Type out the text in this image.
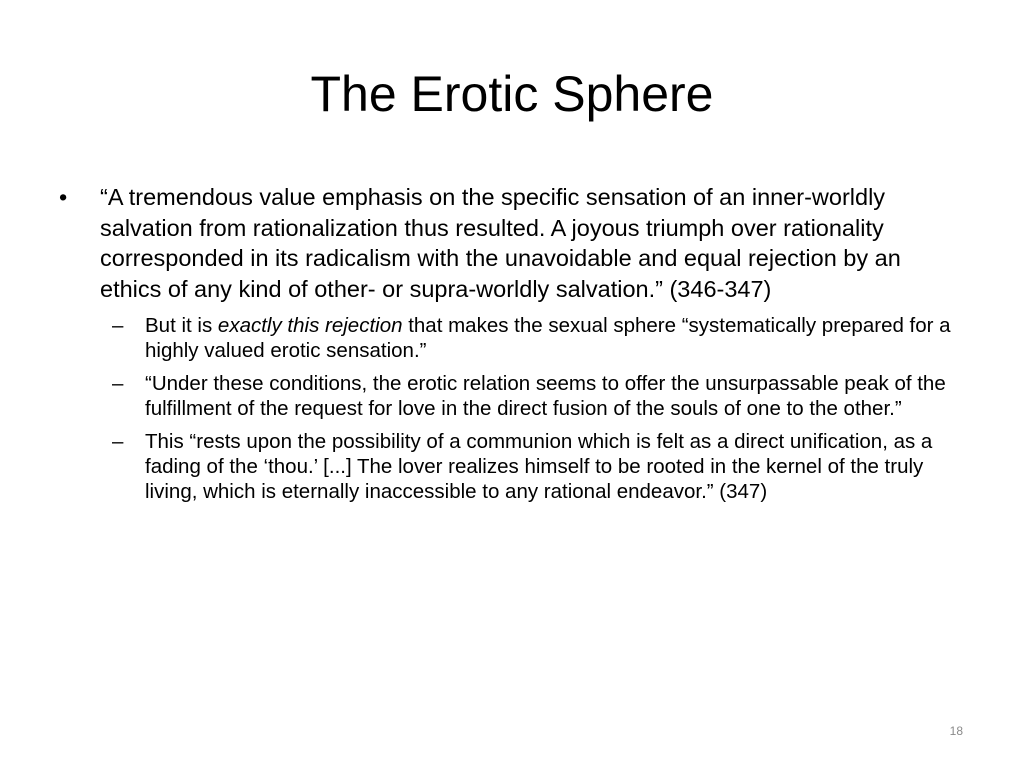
The Erotic Sphere
• “A tremendous value emphasis on the specific sensation of an inner-worldly salvation from rationalization thus resulted. A joyous triumph over rationality corresponded in its radicalism with the unavoidable and equal rejection by an ethics of any kind of other- or supra-worldly salvation.” (346-347)
– But it is exactly this rejection that makes the sexual sphere “systematically prepared for a highly valued erotic sensation.”
– “Under these conditions, the erotic relation seems to offer the unsurpassable peak of the fulfillment of the request for love in the direct fusion of the souls of one to the other.”
– This “rests upon the possibility of a communion which is felt as a direct unification, as a fading of the ‘thou.’ [...] The lover realizes himself to be rooted in the kernel of the truly living, which is eternally inaccessible to any rational endeavor.” (347)
18
